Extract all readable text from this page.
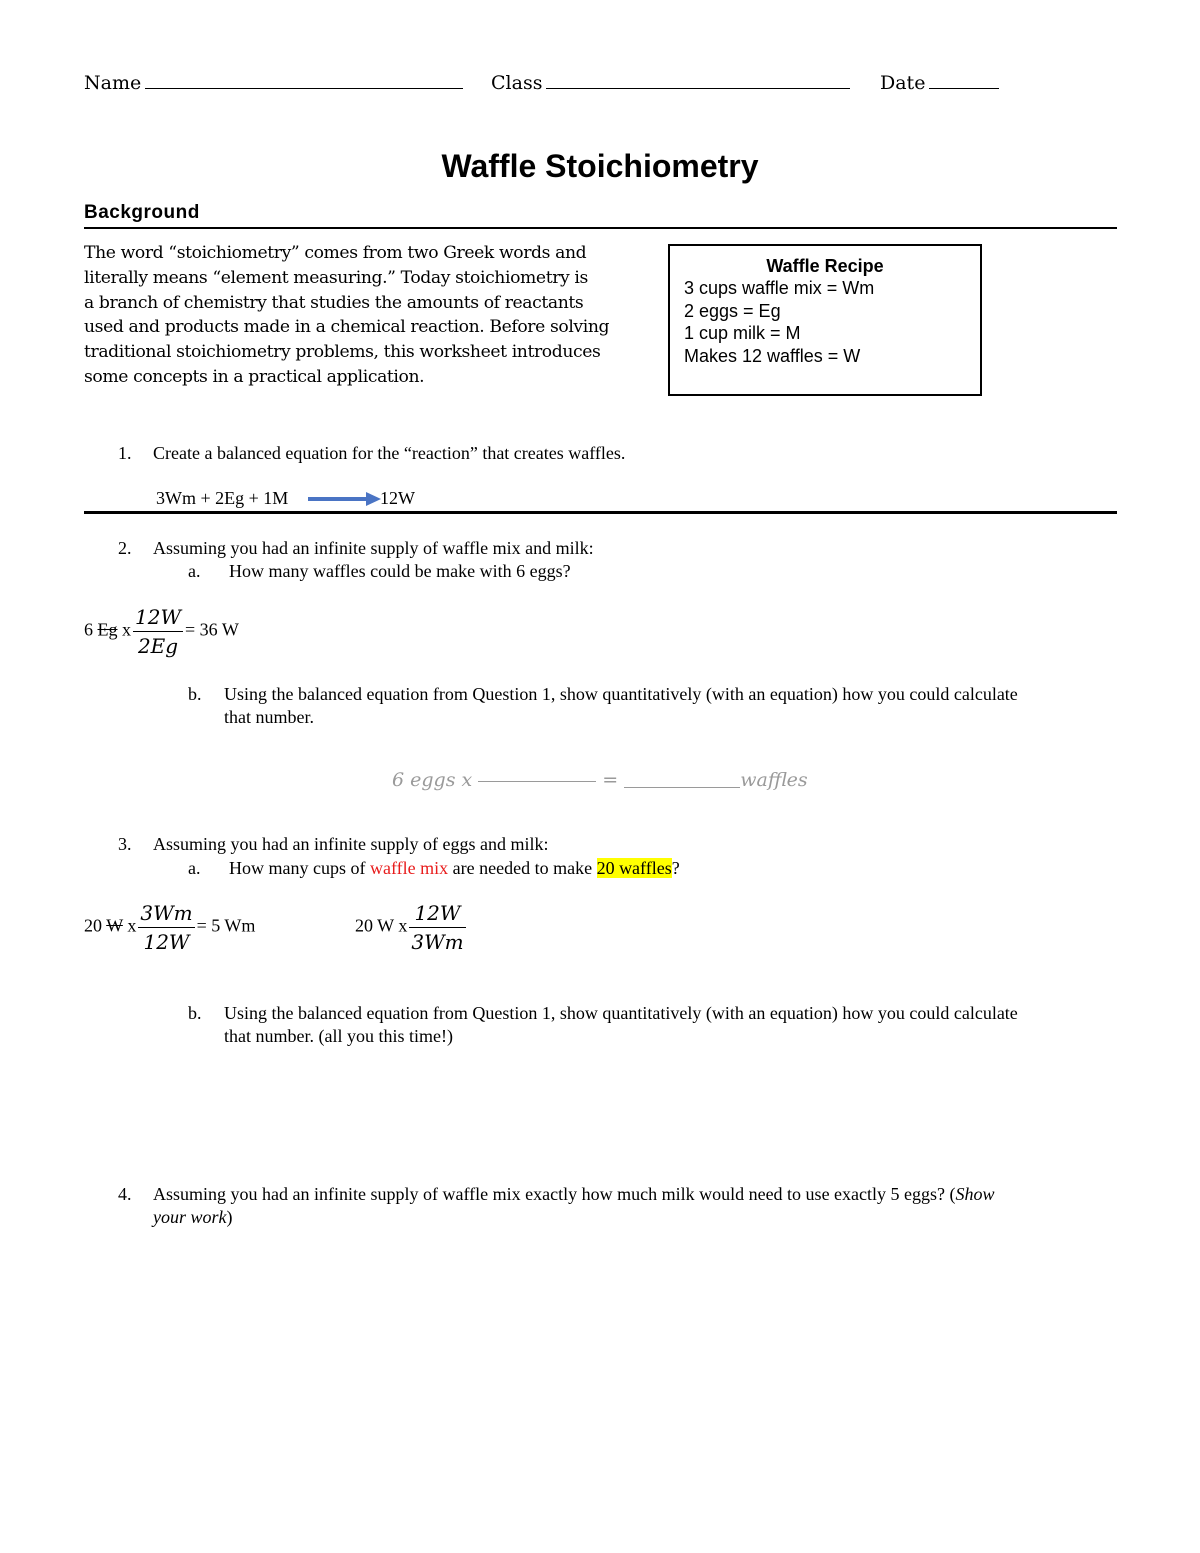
Name	Class	Date
Waffle Stoichiometry
Background
The word “stoichiometry” comes from two Greek words and
literally means “element measuring.” Today stoichiometry is
a branch of chemistry that studies the amounts of reactants
used and products made in a chemical reaction. Before solving
traditional stoichiometry problems, this worksheet introduces
some concepts in a practical application.
Waffle Recipe
3 cups waffle mix = Wm
2 eggs = Eg
1 cup milk = M
Makes 12 waffles = W
1. Create a balanced equation for the “reaction” that creates waffles.
3Wm + 2Eg + 1M	12W
2. Assuming you had an infinite supply of waffle mix and milk:
a. How many waffles could be make with 6 eggs?
6 Eg x $\frac{12W}{2Eg} = 36$ W
b. Using the balanced equation from Question 1, show quantitatively (with an equation) how you could calculate
that number.
6 eggs x	=	waffles
3. Assuming you had an infinite supply of eggs and milk:
a. How many cups of waffle mix are needed to make 20 waffles?
20 W x $\frac{3Wm}{12W} = 5$ Wm	20 W x $\frac{12W}{3Wm}$
b. Using the balanced equation from Question 1, show quantitatively (with an equation) how you could calculate
that number. (all you this time!)
4. Assuming you had an infinite supply of waffle mix exactly how much milk would need to use exactly 5 eggs? (Show
your work)
